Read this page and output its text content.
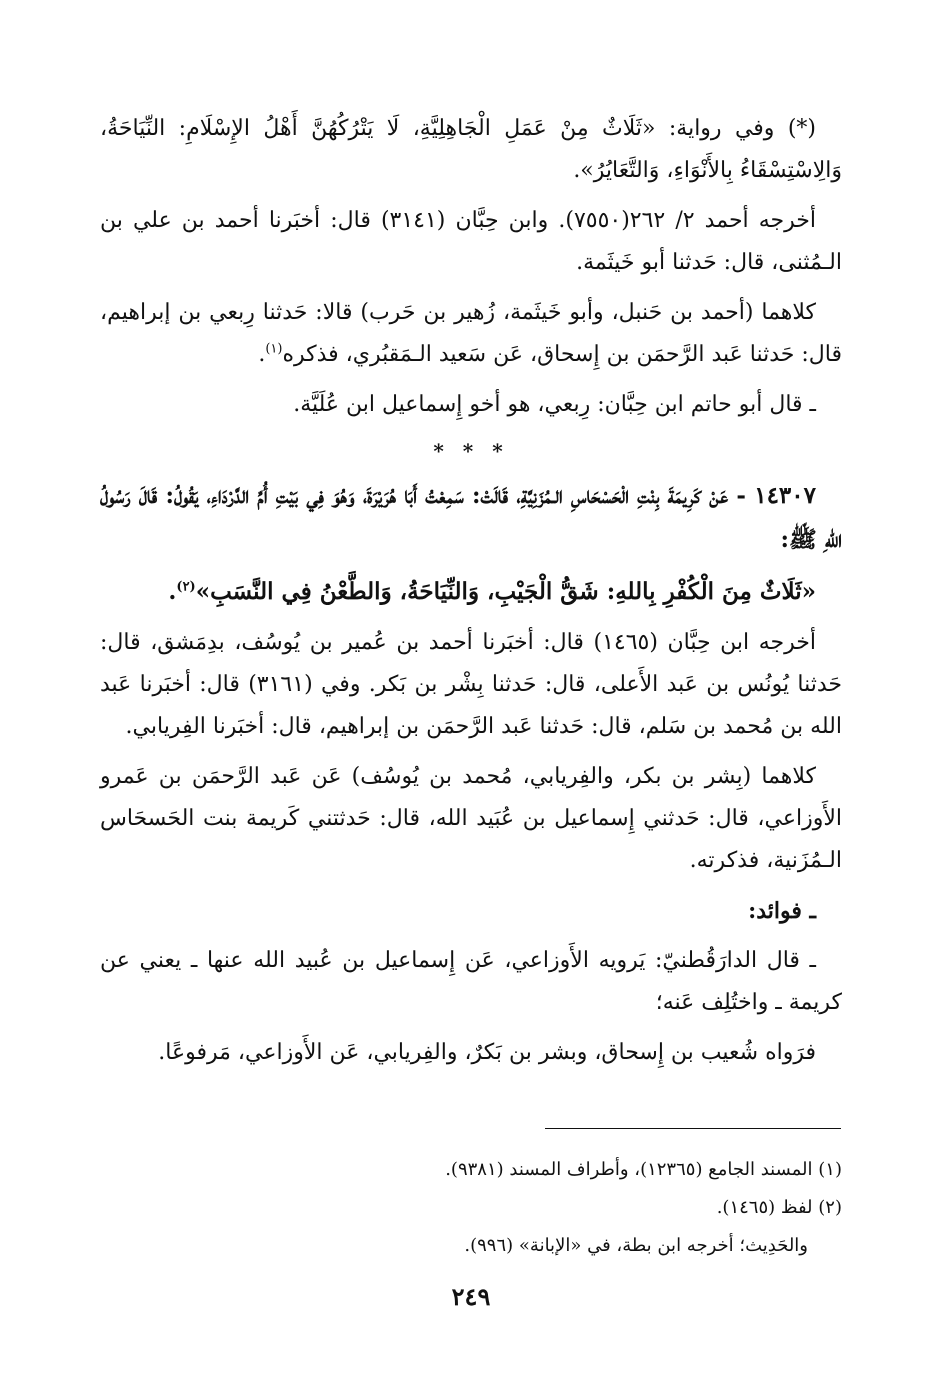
(*) وفي رواية: «ثَلَاثٌ مِنْ عَمَلِ الْجَاهِلِيَّةِ، لَا يَتْرُكُهُنَّ أَهْلُ الإِسْلَامِ: النِّيَاحَةُ، وَالِاسْتِسْقَاءُ بِالأَنْوَاءِ، وَالتَّعَايُرُ».

أخرجه أحمد ٢/ ٢٦٢(٧٥٥٠). وابن حِبَّان (٣١٤١) قال: أخبَرنا أحمد بن علي بن الـمُثنى، قال: حَدثنا أبو خَيثَمة.

كلاهما (أحمد بن حَنبل، وأبو خَيثَمة، زُهير بن حَرب) قالا: حَدثنا رِبعي بن إبراهيم، قال: حَدثنا عَبد الرَّحمَن بن إِسحاق، عَن سَعيد الـمَقبُري، فذكره$^{(١)}$.

ـ قال أبو حاتم ابن حِبَّان: رِبعي، هو أخو إِسماعيل ابن عُلَيَّة.

* * *

١٤٣٠٧ - عَنْ كَرِيمَةَ بِنْتِ الْحَسْحَاسِ الـمُزَنِيَّةِ، قَالَتْ: سَمِعْتُ أَبَا هُرَيْرَةَ، وَهُوَ فِي بَيْتِ أُمِّ الدَّرْدَاءِ، يَقُولُ: قَالَ رَسُولُ اللهِ ﷺ:

«ثَلَاثٌ مِنَ الْكُفْرِ بِاللهِ: شَقُّ الْجَيْبِ، وَالنِّيَاحَةُ، وَالطَّعْنُ فِي النَّسَبِ»$^{(٢)}$.

أخرجه ابن حِبَّان (١٤٦٥) قال: أخبَرنا أحمد بن عُمير بن يُوسُف، بدِمَشق، قال: حَدثنا يُونُس بن عَبد الأَعلى، قال: حَدثنا بِشْر بن بَكر. وفي (٣١٦١) قال: أخبَرنا عَبد الله بن مُحمد بن سَلم، قال: حَدثنا عَبد الرَّحمَن بن إبراهيم، قال: أخبَرنا الفِريابي.

كلاهما (بِشر بن بكر، والفِريابي، مُحمد بن يُوسُف) عَن عَبد الرَّحمَن بن عَمرو الأَوزاعي، قال: حَدثني إِسماعيل بن عُبَيد الله، قال: حَدثتني كَريمة بنت الحَسحَاس الـمُزَنية، فذكرته.

ـ فوائد:

ـ قال الدارَقُطنيّ: يَرويه الأَوزاعي، عَن إِسماعيل بن عُبيد الله عنها ـ يعني عن كريمة ـ واختُلِف عَنه؛

فرَواه شُعيب بن إِسحاق، وبشر بن بَكرٌ، والفِريابي، عَن الأَوزاعي، مَرفوعًا.

(١) المسند الجامع (١٢٣٦٥)، وأطراف المسند (٩٣٨١).

(٢) لفظ (١٤٦٥).

والحَدِيث؛ أخرجه ابن بطة، في «الإبانة» (٩٩٦).

٢٤٩
